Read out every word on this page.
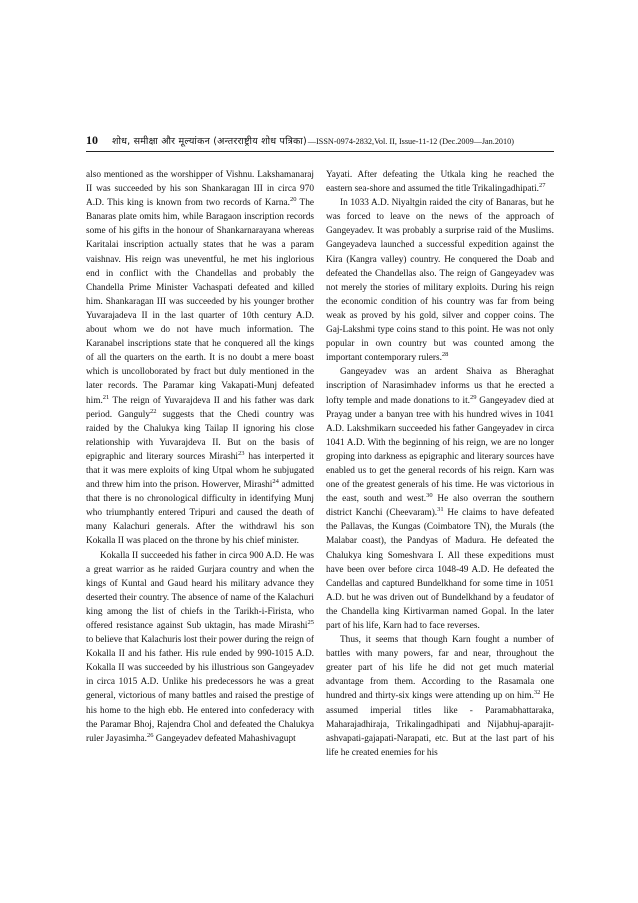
10 शोध, समीक्षा और मूल्यांकन (अन्तरराष्ट्रीय शोध पत्रिका) —ISSN-0974-2832,Vol. II, Issue-11-12 (Dec.2009—Jan.2010)

also mentioned as the worshipper of Vishnu. Lakshamanaraj II was succeeded by his son Shankaragan III in circa 970 A.D. This king is known from two records of Karna.$^{20}$ The Banaras plate omits him, while Baragaon inscription records some of his gifts in the honour of Shankarnarayana whereas Karitalai inscription actually states that he was a param vaishnav. His reign was uneventful, he met his inglorious end in conflict with the Chandellas and probably the Chandella Prime Minister Vachaspati defeated and killed him. Shankaragan III was succeeded by his younger brother Yuvarajadeva II in the last quarter of 10th century A.D. about whom we do not have much information. The Karanabel inscriptions state that he conquered all the kings of all the quarters on the earth. It is no doubt a mere boast which is uncolloborated by fract but duly mentioned in the later records. The Paramar king Vakapati-Munj defeated him.$^{21}$ The reign of Yuvarajdeva II and his father was dark period. Ganguly$^{22}$ suggests that the Chedi country was raided by the Chalukya king Tailap II ignoring his close relationship with Yuvarajdeva II. But on the basis of epigraphic and literary sources Mirashi$^{23}$ has interperted it that it was mere exploits of king Utpal whom he subjugated and threw him into the prison. Howerver, Mirashi$^{24}$ admitted that there is no chronological difficulty in identifying Munj who triumphantly entered Tripuri and caused the death of many Kalachuri generals. After the withdrawl his son Kokalla II was placed on the throne by his chief minister.

Kokalla II succeeded his father in circa 900 A.D. He was a great warrior as he raided Gurjara country and when the kings of Kuntal and Gaud heard his military advance they deserted their country. The absence of name of the Kalachuri king among the list of chiefs in the Tarikh-i-Firista, who offered resistance against Sub uktagin, has made Mirashi$^{25}$ to believe that Kalachuris lost their power during the reign of Kokalla II and his father. His rule ended by 990-1015 A.D. Kokalla II was succeeded by his illustrious son Gangeyadev in circa 1015 A.D. Unlike his predecessors he was a great general, victorious of many battles and raised the prestige of his home to the high ebb. He entered into confederacy with the Paramar Bhoj, Rajendra Chol and defeated the Chalukya ruler Jayasimha.$^{26}$ Gangeyadev defeated Mahashivagupt

Yayati. After defeating the Utkala king he reached the eastern sea-shore and assumed the title Trikalingadhipati.$^{27}$

In 1033 A.D. Niyaltgin raided the city of Banaras, but he was forced to leave on the news of the approach of Gangeyadev. It was probably a surprise raid of the Muslims. Gangeyadeva launched a successful expedition against the Kira (Kangra valley) country. He conquered the Doab and defeated the Chandellas also. The reign of Gangeyadev was not merely the stories of military exploits. During his reign the economic condition of his country was far from being weak as proved by his gold, silver and copper coins. The Gaj-Lakshmi type coins stand to this point. He was not only popular in own country but was counted among the important contemporary rulers.$^{28}$

Gangeyadev was an ardent Shaiva as Bheraghat inscription of Narasimhadev informs us that he erected a lofty temple and made donations to it.$^{29}$ Gangeyadev died at Prayag under a banyan tree with his hundred wives in 1041 A.D. Lakshmikarn succeeded his father Gangeyadev in circa 1041 A.D. With the beginning of his reign, we are no longer groping into darkness as epigraphic and literary sources have enabled us to get the general records of his reign. Karn was one of the greatest generals of his time. He was victorious in the east, south and west.$^{30}$ He also overran the southern district Kanchi (Cheevaram).$^{31}$ He claims to have defeated the Pallavas, the Kungas (Coimbatore TN), the Murals (the Malabar coast), the Pandyas of Madura. He defeated the Chalukya king Someshvara I. All these expeditions must have been over before circa 1048-49 A.D. He defeated the Candellas and captured Bundelkhand for some time in 1051 A.D. but he was driven out of Bundelkhand by a feudator of the Chandella king Kirtivarman named Gopal. In the later part of his life, Karn had to face reverses.

Thus, it seems that though Karn fought a number of battles with many powers, far and near, throughout the greater part of his life he did not get much material advantage from them. According to the Rasamala one hundred and thirty-six kings were attending up on him.$^{32}$ He assumed imperial titles like - Paramabhattaraka, Maharajadhiraja, Trikalingadhipati and Nijabhuj-aparajit-ashvapati-gajapati-Narapati, etc. But at the last part of his life he created enemies for his
